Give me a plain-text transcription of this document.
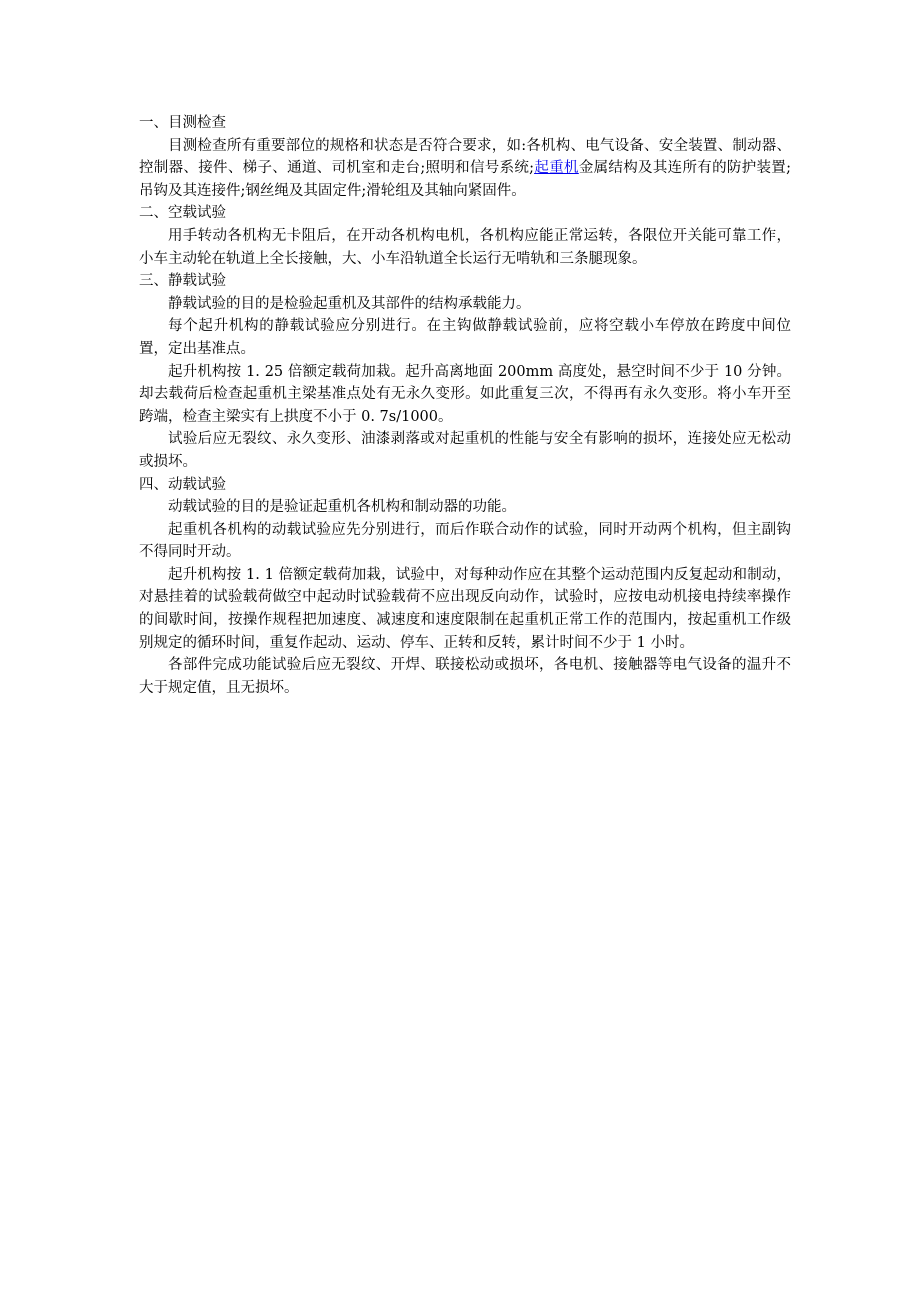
一、目测检查

目测检查所有重要部位的规格和状态是否符合要求，如:各机构、电气设备、安全装置、制动器、控制器、接件、梯子、通道、司机室和走台;照明和信号系统;起重机金属结构及其连所有的防护装置;吊钩及其连接件;钢丝绳及其固定件;滑轮组及其轴向紧固件。

二、空载试验

用手转动各机构无卡阻后，在开动各机构电机，各机构应能正常运转，各限位开关能可靠工作，小车主动轮在轨道上全长接触，大、小车沿轨道全长运行无啃轨和三条腿现象。

三、静载试验

静载试验的目的是检验起重机及其部件的结构承载能力。

每个起升机构的静载试验应分别进行。在主钩做静载试验前，应将空载小车停放在跨度中间位置，定出基准点。

起升机构按 1. 25 倍额定载荷加栽。起升高离地面 200mm 高度处，悬空时间不少于 10 分钟。却去载荷后检查起重机主梁基准点处有无永久变形。如此重复三次，不得再有永久变形。将小车开至跨端，检查主梁实有上拱度不小于 0. 7s/1000。

试验后应无裂纹、永久变形、油漆剥落或对起重机的性能与安全有影响的损坏，连接处应无松动或损坏。

四、动载试验

动载试验的目的是验证起重机各机构和制动器的功能。

起重机各机构的动载试验应先分别进行，而后作联合动作的试验，同时开动两个机构，但主副钩不得同时开动。

起升机构按 1. 1 倍额定载荷加栽，试验中，对每种动作应在其整个运动范围内反复起动和制动，对悬挂着的试验载荷做空中起动时试验载荷不应出现反向动作，试验时，应按电动机接电持续率操作的间歇时间，按操作规程把加速度、减速度和速度限制在起重机正常工作的范围内，按起重机工作级别规定的循环时间，重复作起动、运动、停车、正转和反转，累计时间不少于 1 小时。

各部件完成功能试验后应无裂纹、开焊、联接松动或损坏，各电机、接触器等电气设备的温升不大于规定值，且无损坏。
